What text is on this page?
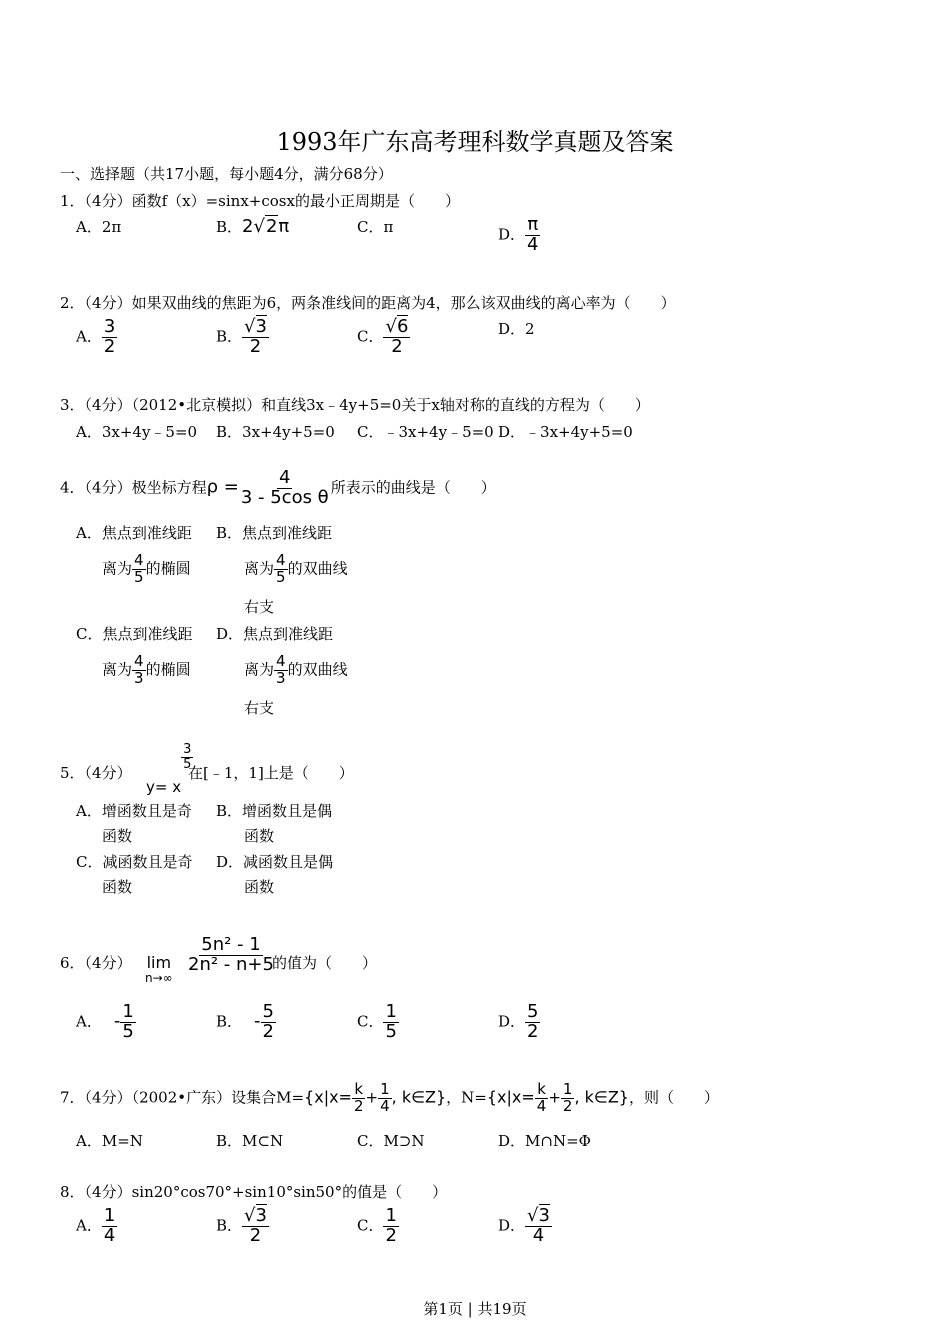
1993年广东高考理科数学真题及答案
一、选择题（共17小题，每小题4分，满分68分）
1．（4分）函数f（x）=sinx+cosx的最小正周期是（　　）
A．2π	B．2√2π	C．π	D． $\frac{\pi}{4}$
2．（4分）如果双曲线的焦距为6，两条准线间的距离为4，那么该双曲线的离心率为（　　）
A． $\frac{3}{2}$	B． $\frac{√3}{2}$	C． $\frac{√6}{2}$	D．2
3．（4分）（2012•北京模拟）和直线3x﹣4y+5=0关于x轴对称的直线的方程为（　　）
A．3x+4y﹣5=0 B．3x+4y+5=0 C．﹣3x+4y﹣5=0 D．﹣3x+4y+5=0
4．（4分）极坐标方程$\rho = \frac{4}{\text{3 - 5cos θ}}$ 所表示的曲线是（　　）
A．焦点到准线距
离为 $\frac{4}{5}$ 的椭圆
B．焦点到准线距
离为 $\frac{4}{5}$ 的双曲线
右支
C．焦点到准线距
离为 $\frac{4}{3}$ 的椭圆
D．焦点到准线距
离为 $\frac{4}{3}$ 的双曲线
右支
5．（4分）
y= x
$\frac{3}{5}$
在[﹣1，1]上是（　　）
A．增函数且是奇
函数
B．增函数且是偶
函数
C．减函数且是奇
函数
D．减函数且是偶
函数
6．（4分） lim
n→∞
$\frac{\text{5n² - 1}}{\text{2n² - n+5}}$
的值为（　　）
A． - $\frac{1}{5}$	B． - $\frac{5}{2}$	C． $\frac{1}{5}$	D． $\frac{5}{2}$
7．（4分）（2002•广东）设集合$M=\{x|x= \frac{k}{2} + \frac{1}{4}$ , k∈Z}，$N=\{x|x= \frac{k}{4} + \frac{1}{2}$ , k∈Z}，则（　　）
A．M=N	B．M⊂N	C．M⊃N	D．M∩N=Φ
8．（4分）sin20°cos70°+sin10°sin50°的值是（　　）
A． $\frac{1}{4}$	B． $\frac{√3}{2}$	C． $\frac{1}{2}$	D． $\frac{√3}{4}$
第1页 | 共19页
